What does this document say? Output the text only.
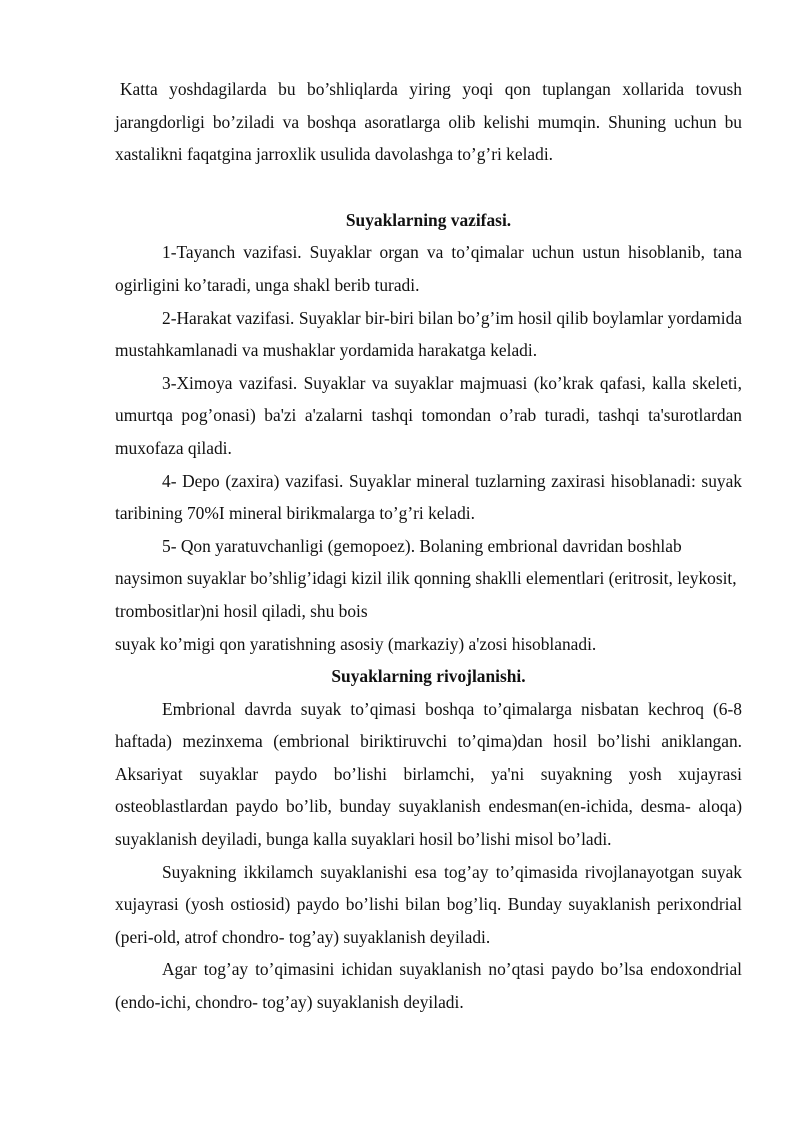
Katta yoshdagilarda bu bo’shliqlarda yiring yoqi qon tuplangan xollarida tovush jarangdorligi bo’ziladi va boshqa asoratlarga olib kelishi mumqin. Shuning uchun bu xastalikni faqatgina jarroxlik usulida davolashga to’g’ri keladi.

Suyaklarning vazifasi.

1-Tayanch vazifasi. Suyaklar organ va to’qimalar uchun ustun hisoblanib, tana ogirligini ko’taradi, unga shakl berib turadi.

2-Harakat vazifasi. Suyaklar bir-biri bilan bo’g’im hosil qilib boylamlar yordamida mustahkamlanadi va mushaklar yordamida harakatga keladi.

3-Ximoya vazifasi. Suyaklar va suyaklar majmuasi (ko’krak qafasi, kalla skeleti, umurtqa pog’onasi) ba'zi a'zalarni tashqi tomondan o’rab turadi, tashqi ta'surotlardan muxofaza qiladi.

4- Depo (zaxira) vazifasi. Suyaklar mineral tuzlarning zaxirasi hisoblanadi: suyak taribining 70%I mineral birikmalarga to’g’ri keladi.

5- Qon yaratuvchanligi (gemopoez). Bolaning embrional davridan boshlab naysimon suyaklar bo’shlig’idagi kizil ilik qonning shaklli elementlari (eritrosit, leykosit, trombositlar)ni hosil qiladi, shu bois

suyak ko’migi qon yaratishning asosiy (markaziy) a'zosi hisoblanadi.

Suyaklarning rivojlanishi.

Embrional davrda suyak to’qimasi boshqa to’qimalarga nisbatan kechroq (6-8 haftada) mezinxema (embrional biriktiruvchi to’qima)dan hosil bo’lishi aniklangan. Aksariyat suyaklar paydo bo’lishi birlamchi, ya'ni suyakning yosh xujayrasi osteoblastlardan paydo bo’lib, bunday suyaklanish endesman(en-ichida, desma- aloqa) suyaklanish deyiladi, bunga kalla suyaklari hosil bo’lishi misol bo’ladi.

Suyakning ikkilamch suyaklanishi esa tog’ay to’qimasida rivojlanayotgan suyak xujayrasi (yosh ostiosid) paydo bo’lishi bilan bog’liq. Bunday suyaklanish perixondrial (peri-old, atrof chondro- tog’ay) suyaklanish deyiladi.

Agar tog’ay to’qimasini ichidan suyaklanish no’qtasi paydo bo’lsa endoxondrial (endo-ichi, chondro- tog’ay) suyaklanish deyiladi.
